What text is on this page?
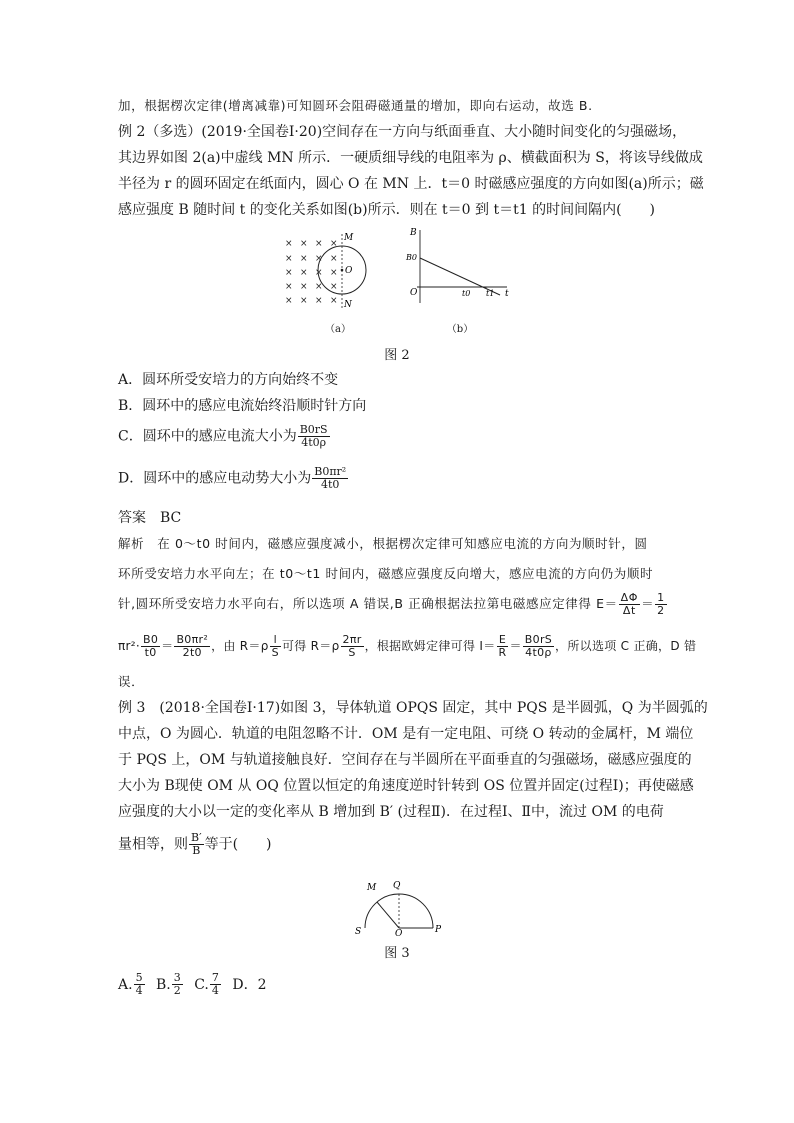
加，根据楞次定律(增离减靠)可知圆环会阻碍磁通量的增加，即向右运动，故选 B.
例 2（多选）(2019·全国卷Ⅰ·20)空间存在一方向与纸面垂直、大小随时间变化的匀强磁场，
其边界如图 2(a)中虚线 MN 所示．一硬质细导线的电阻率为 ρ、横截面积为 S，将该导线做成
半径为 r 的圆环固定在纸面内，圆心 O 在 MN 上．t＝0 时磁感应强度的方向如图(a)所示；磁
感应强度 B 随时间 t 的变化关系如图(b)所示．则在 t＝0 到 t＝t1 的时间间隔内(　　)
× × × ×
× × × ×
× × × ×
× × × ×
× × × ×
M
O
N
（a）
B
B0
O	t0 t1 t
（b）
图 2
A．圆环所受安培力的方向始终不变
B．圆环中的感应电流始终沿顺时针方向
C．圆环中的感应电流大小为 $\frac{B0rS}{4t0\rho}$
D．圆环中的感应电动势大小为 $\frac{\text{B0πr²}}{4t0}$
答案　BC
解析　在 0～t0 时间内，磁感应强度减小，根据楞次定律可知感应电流的方向为顺时针，圆
环所受安培力水平向左；在 t0～t1 时间内，磁感应强度反向增大，感应电流的方向仍为顺时
针,圆环所受安培力水平向右，所以选项 A 错误,B 正确根据法拉第电磁感应定律得 $E= \frac{\Delta\Phi}{\Delta t} = \frac{1}{2}$
$\pi r^2\cdot \frac{B0}{t0} = \frac{\text{B0πr²}}{2t0}$ ，由 $R=\rho \frac{l}{S}$ 可得 $R=\rho \frac{2\pi r}{S}$ ，根据欧姆定律可得 $I= \frac{E}{R} = \frac{B0rS}{4t0\rho}$ ，所以选项 C 正确，D 错
误．
例 3　(2018·全国卷Ⅰ·17)如图 3，导体轨道 OPQS 固定，其中 PQS 是半圆弧，Q 为半圆弧的
中点，O 为圆心．轨道的电阻忽略不计．OM 是有一定电阻、可绕 O 转动的金属杆，M 端位
于 PQS 上，OM 与轨道接触良好．空间存在与半圆所在平面垂直的匀强磁场，磁感应强度的
大小为 B现使 OM 从 OQ 位置以恒定的角速度逆时针转到 OS 位置并固定(过程Ⅰ)；再使磁感
应强度的大小以一定的变化率从 B 增加到 B′ (过程Ⅱ)．在过程Ⅰ、Ⅱ中，流过 OM 的电荷
量相等，则 $\frac{B'}{B}$ 等于(　　)
M Q
S	O	P
图 3
A. $\frac{5}{4} B$. $\frac{3}{2} C$. $\frac{7}{4}$ D．2
